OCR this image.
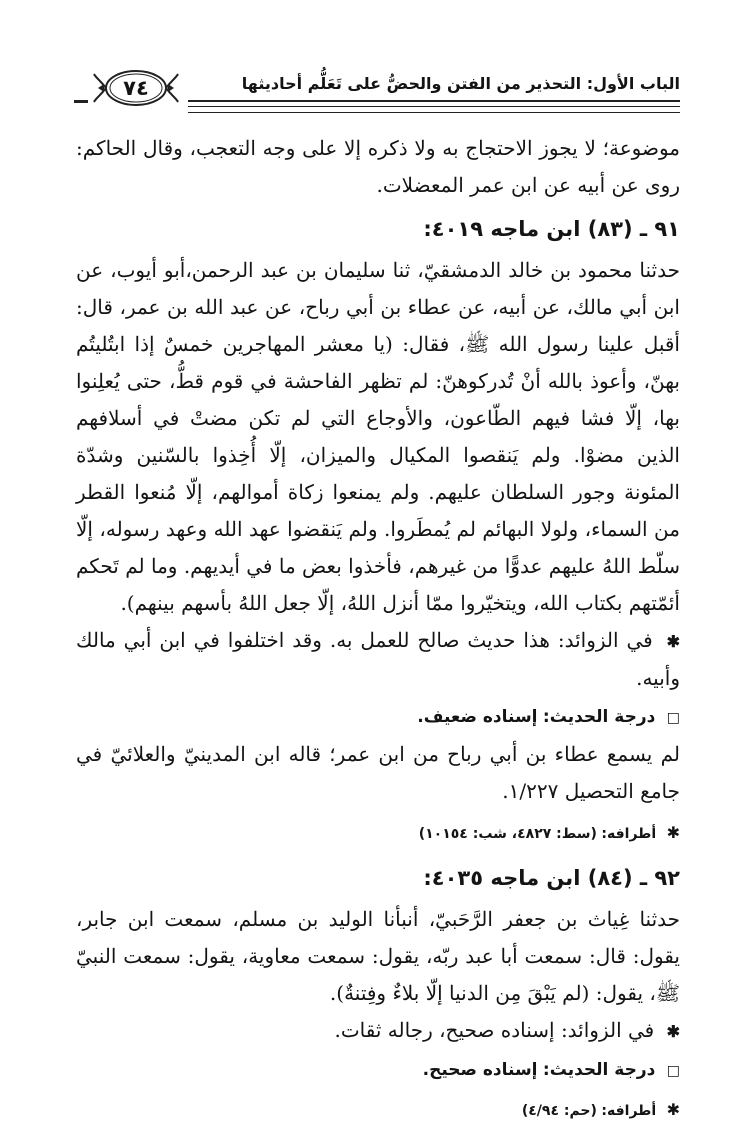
الباب الأول: التحذير من الفتن والحضُّ على تَعَلُّم أحاديثها
٧٤

موضوعة؛ لا يجوز الاحتجاج به ولا ذكره إلا على وجه التعجب، وقال الحاكم: روى عن أبيه عن ابن عمر المعضلات.

٩١ ـ (٨٣) ابن ماجه ٤٠١٩:

حدثنا محمود بن خالد الدمشقيّ، ثنا سليمان بن عبد الرحمن،أبو أيوب، عن ابن أبي مالك، عن أبيه، عن عطاء بن أبي رباح، عن عبد الله بن عمر، قال: أقبل علينا رسول الله ﷺ، فقال: (يا معشر المهاجرين خمسٌ إذا ابتُليتُم بهنّ، وأعوذ بالله أنْ تُدركوهنّ: لم تظهر الفاحشة في قوم قطُّ، حتى يُعلِنوا بها، إلّا فشا فيهم الطّاعون، والأوجاع التي لم تكن مضتْ في أسلافهم الذين مضوْا. ولم يَنقصوا المكيال والميزان، إلّا أُخِذوا بالسّنين وشدّة المئونة وجور السلطان عليهم. ولم يمنعوا زكاة أموالهم، إلّا مُنعوا القطر من السماء، ولولا البهائم لم يُمطَروا. ولم يَنقضوا عهد الله وعهد رسوله، إلّا سلّط اللهُ عليهم عدوًّا من غيرهم، فأخذوا بعض ما في أيديهم. وما لم تَحكم أئمّتهم بكتاب الله، ويتخيّروا ممّا أنزل اللهُ، إلّا جعل اللهُ بأسهم بينهم).

✱ في الزوائد: هذا حديث صالح للعمل به. وقد اختلفوا في ابن أبي مالك وأبيه.

□ درجة الحديث: إسناده ضعيف.

لم يسمع عطاء بن أبي رباح من ابن عمر؛ قاله ابن المدينيّ والعلائيّ في جامع التحصيل ١/٢٢٧.

✱ أطرافه: (سط: ٤٨٢٧، شب: ١٠١٥٤)
٩٢ ـ (٨٤) ابن ماجه ٤٠٣٥:

حدثنا غِياث بن جعفر الرَّحَبيّ، أنبأنا الوليد بن مسلم، سمعت ابن جابر، يقول: قال: سمعت أبا عبد ربّه، يقول: سمعت معاوية، يقول: سمعت النبيّ ﷺ، يقول: (لم يَبْقَ مِن الدنيا إلّا بلاءٌ وفِتنةٌ).

✱ في الزوائد: إسناده صحيح، رجاله ثقات.

□ درجة الحديث: إسناده صحيح.
✱ أطرافه: (حم: ٤/٩٤)
